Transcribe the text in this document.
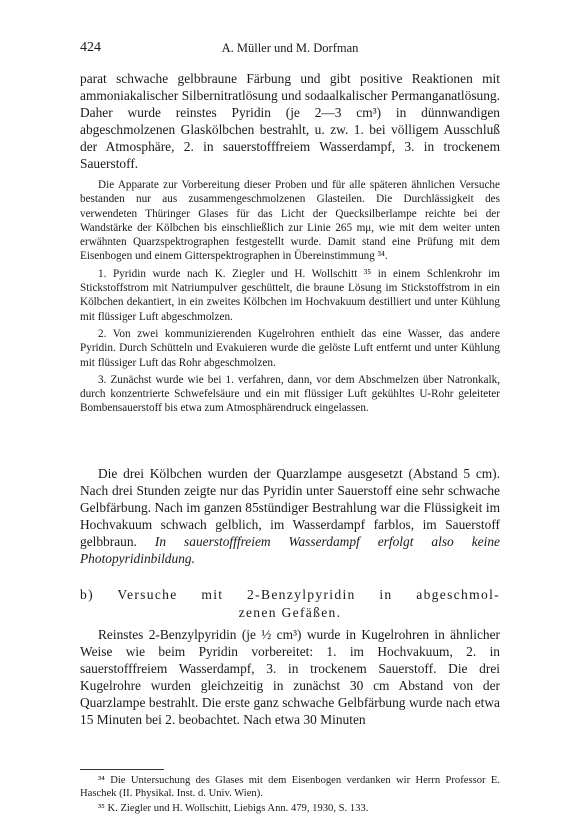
424	A. Müller und M. Dorfman

parat schwache gelbbraune Färbung und gibt positive Reaktionen mit ammoniakalischer Silbernitratlösung und sodaalkalischer Permanganatlösung. Daher wurde reinstes Pyridin (je 2—3 cm³) in dünnwandigen abgeschmolzenen Glaskölbchen bestrahlt, u. zw. 1. bei völligem Ausschluß der Atmosphäre, 2. in sauerstofffreiem Wasserdampf, 3. in trockenem Sauerstoff.

Die Apparate zur Vorbereitung dieser Proben und für alle späteren ähnlichen Versuche bestanden nur aus zusammengeschmolzenen Glasteilen. Die Durchlässigkeit des verwendeten Thüringer Glases für das Licht der Quecksilberlampe reichte bei der Wandstärke der Kölbchen bis einschließlich zur Linie 265 mμ, wie mit dem weiter unten erwähnten Quarzspektrographen festgestellt wurde. Damit stand eine Prüfung mit dem Eisenbogen und einem Gitterspektrographen in Übereinstimmung ³⁴.

1. Pyridin wurde nach K. Ziegler und H. Wollschitt ³⁵ in einem Schlenkrohr im Stickstoffstrom mit Natriumpulver geschüttelt, die braune Lösung im Stickstoffstrom in ein Kölbchen dekantiert, in ein zweites Kölbchen im Hochvakuum destilliert und unter Kühlung mit flüssiger Luft abgeschmolzen.

2. Von zwei kommunizierenden Kugelrohren enthielt das eine Wasser, das andere Pyridin. Durch Schütteln und Evakuieren wurde die gelöste Luft entfernt und unter Kühlung mit flüssiger Luft das Rohr abgeschmolzen.

3. Zunächst wurde wie bei 1. verfahren, dann, vor dem Abschmelzen über Natronkalk, durch konzentrierte Schwefelsäure und ein mit flüssiger Luft gekühltes U-Rohr geleiteter Bombensauerstoff bis etwa zum Atmosphärendruck eingelassen.

Die drei Kölbchen wurden der Quarzlampe ausgesetzt (Abstand 5 cm). Nach drei Stunden zeigte nur das Pyridin unter Sauerstoff eine sehr schwache Gelbfärbung. Nach im ganzen 85stündiger Bestrahlung war die Flüssigkeit im Hochvakuum schwach gelblich, im Wasserdampf farblos, im Sauerstoff gelbbraun. In sauerstofffreiem Wasserdampf erfolgt also keine Photopyridinbildung.

b) Versuche mit 2-Benzylpyridin in abgeschmol-
zenen Gefäßen.

Reinstes 2-Benzylpyridin (je ½ cm³) wurde in Kugelrohren in ähnlicher Weise wie beim Pyridin vorbereitet: 1. im Hochvakuum, 2. in sauerstofffreiem Wasserdampf, 3. in trockenem Sauerstoff. Die drei Kugelrohre wurden gleichzeitig in zunächst 30 cm Abstand von der Quarzlampe bestrahlt. Die erste ganz schwache Gelbfärbung wurde nach etwa 15 Minuten bei 2. beobachtet. Nach etwa 30 Minuten

³⁴ Die Untersuchung des Glases mit dem Eisenbogen verdanken wir Herrn Professor E. Haschek (II. Physikal. Inst. d. Univ. Wien).

³⁵ K. Ziegler und H. Wollschitt, Liebigs Ann. 479, 1930, S. 133.
